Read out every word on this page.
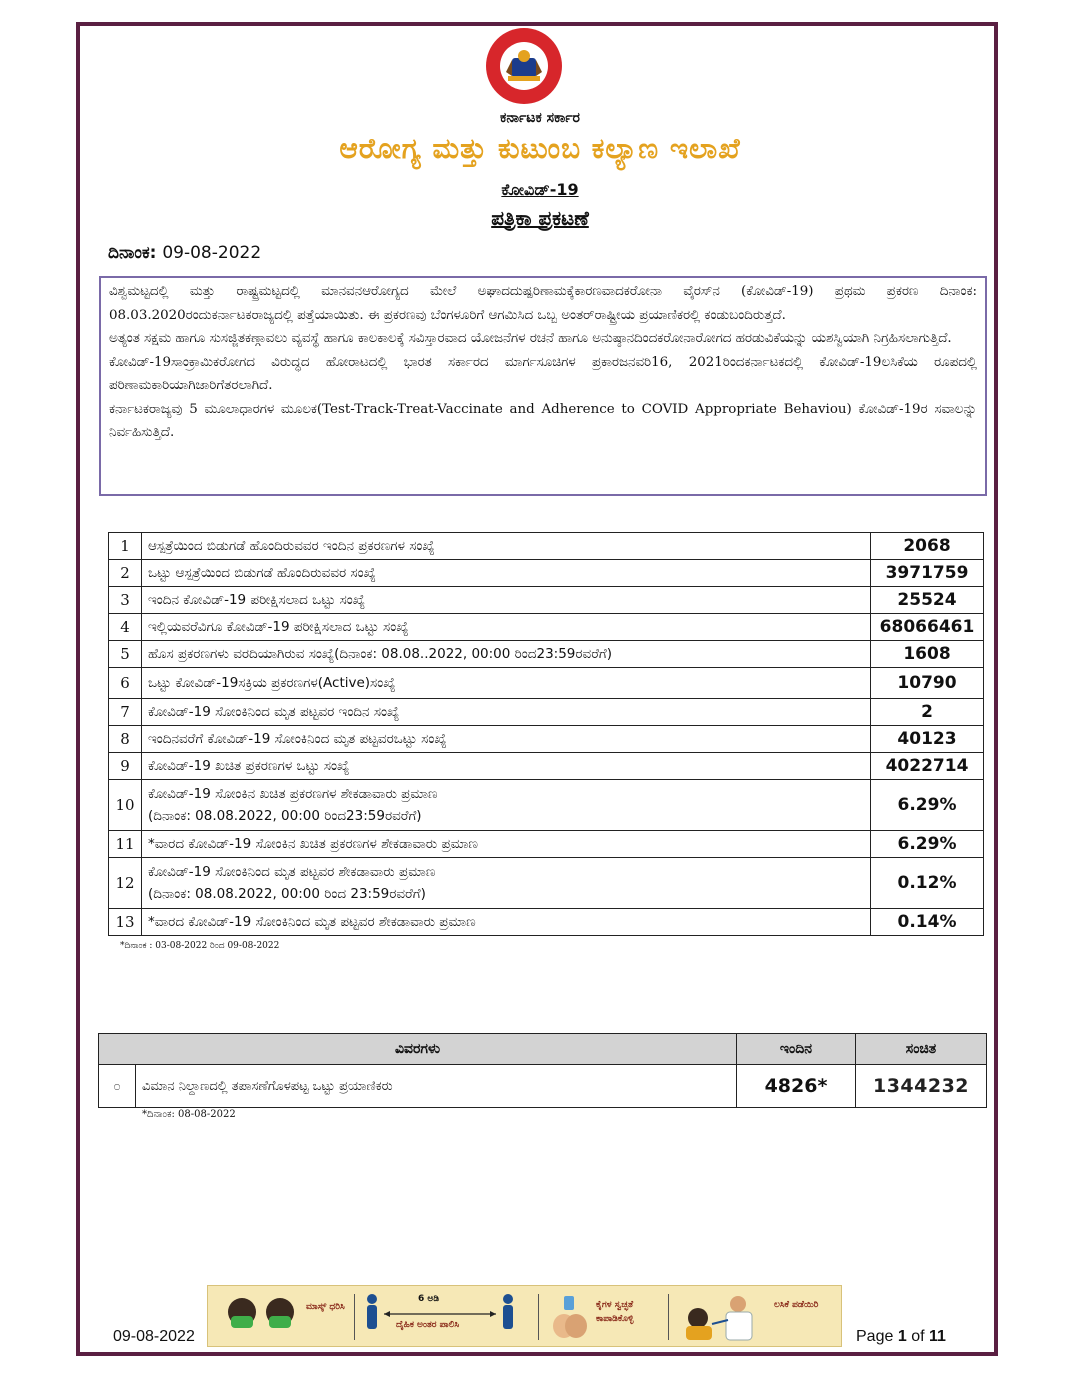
ಕರ್ನಾಟಕ ಸರ್ಕಾರ
ಆರೋಗ್ಯ ಮತ್ತು ಕುಟುಂಬ ಕಲ್ಯಾಣ ಇಲಾಖೆ
ಕೋವಿಡ್-19
ಪತ್ರಿಕಾ ಪ್ರಕಟಣೆ
ದಿನಾಂಕ: 09-08-2022

ವಿಶ್ವಮಟ್ಟದಲ್ಲಿ ಮತ್ತು ರಾಷ್ಟ್ರಮಟ್ಟದಲ್ಲಿ ಮಾನವನಆರೋಗ್ಯದ ಮೇಲೆ ಅಘಾದದುಷ್ಪರಿಣಾಮಕ್ಕೆಕಾರಣವಾದಕರೋನಾ ವೈರಸ್‌ನ (ಕೋವಿಡ್-19) ಪ್ರಥಮ ಪ್ರಕರಣ ದಿನಾಂಕ: 08.03.2020ರಂದುಕರ್ನಾಟಕರಾಜ್ಯದಲ್ಲಿ ಪತ್ತೆಯಾಯಿತು. ಈ ಪ್ರಕರಣವು ಬೆಂಗಳೂರಿಗೆ ಆಗಮಿಸಿದ ಒಬ್ಬ ಅಂತರ್‌ರಾಷ್ಟ್ರೀಯ ಪ್ರಯಾಣಿಕರಲ್ಲಿ ಕಂಡುಬಂದಿರುತ್ತದೆ.

ಅತ್ಯಂತ ಸಕ್ಷಮ ಹಾಗೂ ಸುಸಜ್ಜಿತಕಣ್ಗಾವಲು ವ್ಯವಸ್ಥೆ ಹಾಗೂ ಕಾಲಕಾಲಕ್ಕೆ ಸವಿಸ್ತಾರವಾದ ಯೋಜನೆಗಳ ರಚನೆ ಹಾಗೂ ಅನುಷ್ಠಾನದಿಂದಕರೋನಾರೋಗದ ಹರಡುವಿಕೆಯನ್ನು ಯಶಸ್ವಿಯಾಗಿ ನಿಗ್ರಹಿಸಲಾಗುತ್ತಿದೆ.

ಕೋವಿಡ್-19ಸಾಂಕ್ರಾಮಿಕರೋಗದ ವಿರುದ್ಧದ ಹೋರಾಟದಲ್ಲಿ ಭಾರತ ಸರ್ಕಾರದ ಮಾರ್ಗಸೂಚಿಗಳ ಪ್ರಕಾರಜನವರಿ16, 2021ರಿಂದಕರ್ನಾಟಕದಲ್ಲಿ ಕೋವಿಡ್-19ಲಸಿಕೆಯ ರೂಪದಲ್ಲಿ ಪರಿಣಾಮಕಾರಿಯಾಗಿಜಾರಿಗೆತರಲಾಗಿದೆ.

ಕರ್ನಾಟಕರಾಜ್ಯವು 5 ಮೂಲಾಧಾರಗಳ ಮೂಲಕ(Test-Track-Treat-Vaccinate and Adherence to COVID Appropriate Behaviou) ಕೋವಿಡ್-19ರ ಸವಾಲನ್ನು ನಿರ್ವಹಿಸುತ್ತಿದೆ.

1	ಆಸ್ಪತ್ರೆಯಿಂದ ಬಿಡುಗಡೆ ಹೊಂದಿರುವವರ ಇಂದಿನ ಪ್ರಕರಣಗಳ ಸಂಖ್ಯೆ	2068
2	ಒಟ್ಟು ಆಸ್ಪತ್ರೆಯಿಂದ ಬಿಡುಗಡೆ ಹೊಂದಿರುವವರ ಸಂಖ್ಯೆ	3971759
3	ಇಂದಿನ ಕೋವಿಡ್-19 ಪರೀಕ್ಷಿಸಲಾದ ಒಟ್ಟು ಸಂಖ್ಯೆ	25524
4	ಇಲ್ಲಿಯವರೆವಿಗೂ ಕೋವಿಡ್-19 ಪರೀಕ್ಷಿಸಲಾದ ಒಟ್ಟು ಸಂಖ್ಯೆ	68066461
5	ಹೊಸ ಪ್ರಕರಣಗಳು ವರದಿಯಾಗಿರುವ ಸಂಖ್ಯೆ(ದಿನಾಂಕ: 08.08..2022, 00:00 ರಿಂದ23:59ರವರೆಗೆ)	1608
6	ಒಟ್ಟು ಕೋವಿಡ್-19ಸಕ್ರಿಯ ಪ್ರಕರಣಗಳ(Active)ಸಂಖ್ಯೆ	10790
7	ಕೋವಿಡ್-19 ಸೋಂಕಿನಿಂದ ಮೃತ ಪಟ್ಟವರ ಇಂದಿನ ಸಂಖ್ಯೆ	2
8	ಇಂದಿನವರೆಗೆ ಕೋವಿಡ್-19 ಸೋಂಕಿನಿಂದ ಮೃತ ಪಟ್ಟವರಒಟ್ಟು ಸಂಖ್ಯೆ	40123
9	ಕೋವಿಡ್-19 ಖಚಿತ ಪ್ರಕರಣಗಳ ಒಟ್ಟು ಸಂಖ್ಯೆ	4022714
10	ಕೋವಿಡ್-19 ಸೋಂಕಿನ ಖಚಿತ ಪ್ರಕರಣಗಳ ಶೇಕಡಾವಾರು ಪ್ರಮಾಣ
(ದಿನಾಂಕ: 08.08.2022, 00:00 ರಿಂದ23:59ರವರೆಗೆ)	6.29%
11	*ವಾರದ ಕೋವಿಡ್-19 ಸೋಂಕಿನ ಖಚಿತ ಪ್ರಕರಣಗಳ ಶೇಕಡಾವಾರು ಪ್ರಮಾಣ	6.29%
12	ಕೋವಿಡ್-19 ಸೋಂಕಿನಿಂದ ಮೃತ ಪಟ್ಟವರ ಶೇಕಡಾವಾರು ಪ್ರಮಾಣ
(ದಿನಾಂಕ: 08.08.2022, 00:00 ರಿಂದ 23:59ರವರೆಗೆ)	0.12%
13	*ವಾರದ ಕೋವಿಡ್-19 ಸೋಂಕಿನಿಂದ ಮೃತ ಪಟ್ಟವರ ಶೇಕಡಾವಾರು ಪ್ರಮಾಣ	0.14%
*ದಿನಾಂಕ : 03-08-2022 ರಿಂದ 09-08-2022
ವಿವರಗಳು		ಇಂದಿನ	ಸಂಚಿತ
೦	ವಿಮಾನ ನಿಲ್ದಾಣದಲ್ಲಿ ತಪಾಸಣೆಗೊಳಪಟ್ಟ ಒಟ್ಟು ಪ್ರಯಾಣಿಕರು	4826*	1344232
*ದಿನಾಂಕ: 08-08-2022
ಮಾಸ್ಕ್ ಧರಿಸಿ
6 ಅಡಿ
ದೈಹಿಕ ಅಂತರ ಪಾಲಿಸಿ
ಕೈಗಳ ಸ್ವಚ್ಛತೆ ಕಾಪಾಡಿಕೊಳ್ಳಿ
ಲಸಿಕೆ ಪಡೆಯಿರಿ
09-08-2022	Page 1 of 11
